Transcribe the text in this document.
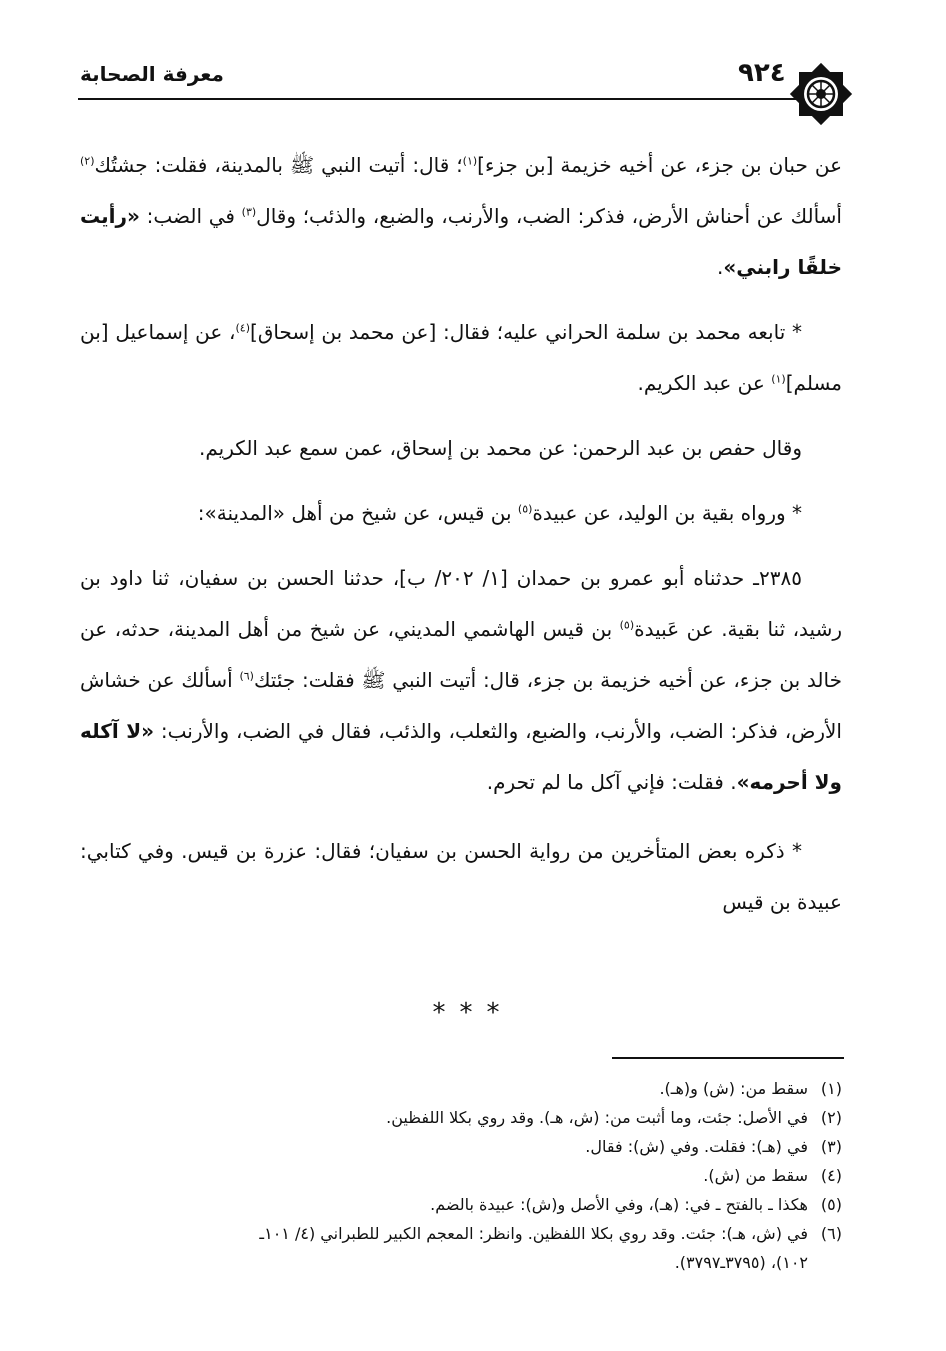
معرفة الصحابة	٩٢٤

عن حبان بن جزء، عن أخيه خزيمة [بن جزء]$^{(١)}$؛ قال: أتيت النبي ﷺ بالمدينة، فقلت: جشتُك$^{(٢)}$ أسألك عن أحناش الأرض، فذكر: الضب، والأرنب، والضبع، والذئب؛ وقال$^{(٣)}$ في الضب: «رأيت خلقًا رابني».

* تابعه محمد بن سلمة الحراني عليه؛ فقال: [عن محمد بن إسحاق]$^{(٤)}$، عن إسماعيل [بن مسلم]$^{(١)}$ عن عبد الكريم.

وقال حفص بن عبد الرحمن: عن محمد بن إسحاق، عمن سمع عبد الكريم.

* ورواه بقية بن الوليد، عن عبيدة$^{(٥)}$ بن قيس، عن شيخ من أهل «المدينة»:

٢٣٨٥ـ حدثناه أبو عمرو بن حمدان [١/ ٢٠٢/ ب]، حدثنا الحسن بن سفيان، ثنا داود بن رشيد، ثنا بقية. عن عَبيدة$^{(٥)}$ بن قيس الهاشمي المديني، عن شيخ من أهل المدينة، حدثه، عن خالد بن جزء، عن أخيه خزيمة بن جزء، قال: أتيت النبي ﷺ فقلت: جئتك$^{(٦)}$ أسألك عن خشاش الأرض، فذكر: الضب، والأرنب، والضبع، والثعلب، والذئب، فقال في الضب، والأرنب: «لا آكله ولا أحرمه». فقلت: فإني آكل ما لم تحرم.

* ذكره بعض المتأخرين من رواية الحسن بن سفيان؛ فقال: عزرة بن قيس. وفي كتابي: عبيدة بن قيس

***

(١)سقط من: (ش) و(هـ).

(٢)في الأصل: جئت، وما أثبت من: (ش، هـ). وقد روي بكلا اللفظين.

(٣)في (هـ): فقلت. وفي (ش): فقال.

(٤)سقط من (ش).

(٥)هكذا ـ بالفتح ـ في: (هـ)، وفي الأصل و(ش): عبيدة بالضم.

(٦)في (ش، هـ): جئت. وقد روي بكلا اللفظين. وانظر: المعجم الكبير للطبراني (٤/ ١٠١ـ

١٠٢)، (٣٧٩٥ـ٣٧٩٧).
